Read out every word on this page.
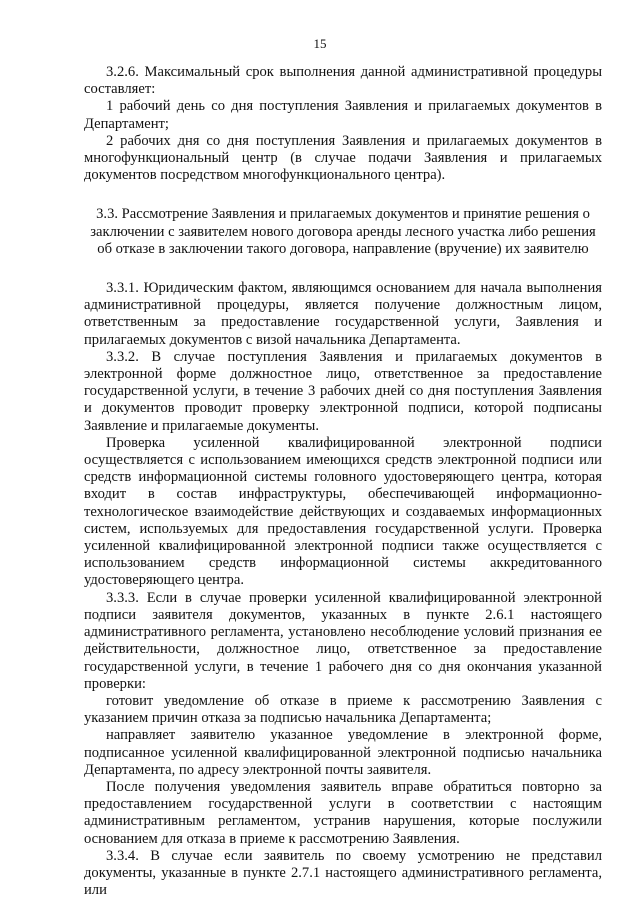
15

3.2.6. Максимальный срок выполнения данной административной процедуры составляет:

1 рабочий день со дня поступления Заявления и прилагаемых документов в Департамент;

2 рабочих дня со дня поступления Заявления и прилагаемых документов в многофункциональный центр (в случае подачи Заявления и прилагаемых документов посредством многофункционального центра).

3.3. Рассмотрение Заявления и прилагаемых документов и принятие решения о заключении с заявителем нового договора аренды лесного участка либо решения об отказе в заключении такого договора, направление (вручение) их заявителю

3.3.1. Юридическим фактом, являющимся основанием для начала выполнения административной процедуры, является получение должностным лицом, ответственным за предоставление государственной услуги, Заявления и прилагаемых документов с визой начальника Департамента.

3.3.2. В случае поступления Заявления и прилагаемых документов в электронной форме должностное лицо, ответственное за предоставление государственной услуги, в течение 3 рабочих дней со дня поступления Заявления и документов проводит проверку электронной подписи, которой подписаны Заявление и прилагаемые документы.

Проверка усиленной квалифицированной электронной подписи осуществляется с использованием имеющихся средств электронной подписи или средств информационной системы головного удостоверяющего центра, которая входит в состав инфраструктуры, обеспечивающей информационно-технологическое взаимодействие действующих и создаваемых информационных систем, используемых для предоставления государственной услуги. Проверка усиленной квалифицированной электронной подписи также осуществляется с использованием средств информационной системы аккредитованного удостоверяющего центра.

3.3.3. Если в случае проверки усиленной квалифицированной электронной подписи заявителя документов, указанных в пункте 2.6.1 настоящего административного регламента, установлено несоблюдение условий признания ее действительности, должностное лицо, ответственное за предоставление государственной услуги, в течение 1 рабочего дня со дня окончания указанной проверки:

готовит уведомление об отказе в приеме к рассмотрению Заявления с указанием причин отказа за подписью начальника Департамента;

направляет заявителю указанное уведомление в электронной форме, подписанное усиленной квалифицированной электронной подписью начальника Департамента, по адресу электронной почты заявителя.

После получения уведомления заявитель вправе обратиться повторно за предоставлением государственной услуги в соответствии с настоящим административным регламентом, устранив нарушения, которые послужили основанием для отказа в приеме к рассмотрению Заявления.

3.3.4. В случае если заявитель по своему усмотрению не представил документы, указанные в пункте 2.7.1 настоящего административного регламента, или
